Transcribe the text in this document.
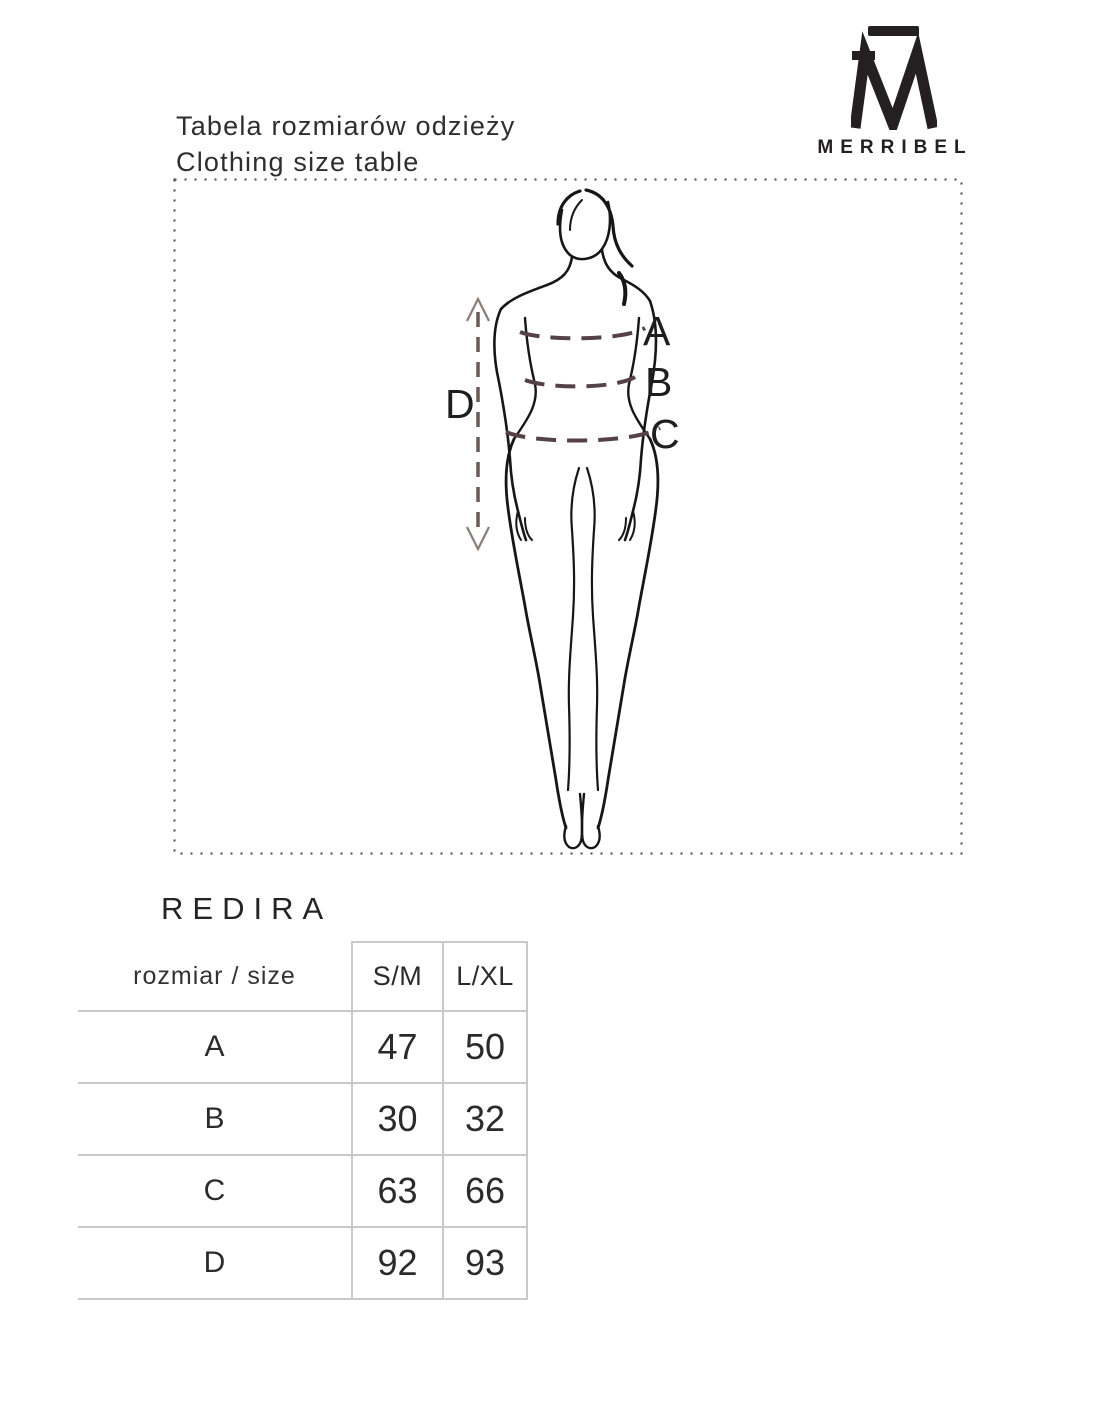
Tabela rozmiarów odzieży
Clothing size table	MERRIBEL
A
B
C
D
REDIRA
rozmiar / size	S/M	L/XL
A	47	50
B	30	32
C	63	66
D	92	93
